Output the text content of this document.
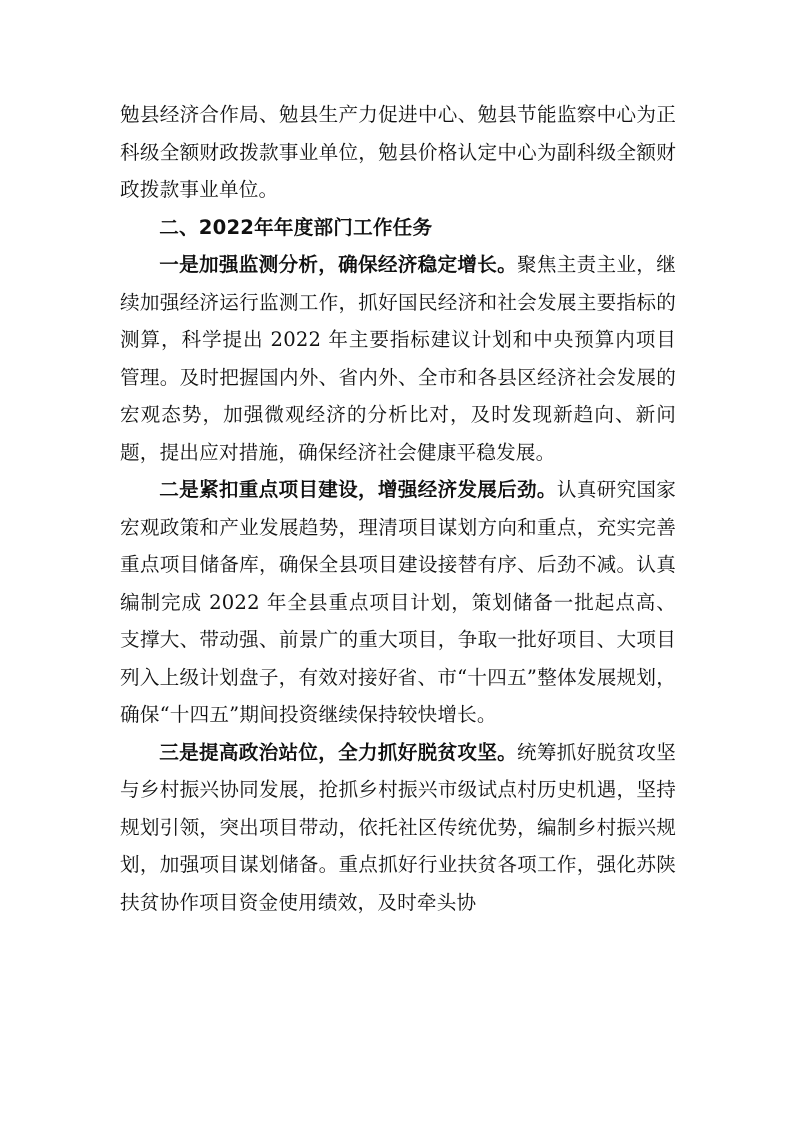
勉县经济合作局、勉县生产力促进中心、勉县节能监察中心为正科级全额财政拨款事业单位，勉县价格认定中心为副科级全额财政拨款事业单位。

二、2022年年度部门工作任务

一是加强监测分析，确保经济稳定增长。聚焦主责主业，继续加强经济运行监测工作，抓好国民经济和社会发展主要指标的测算，科学提出 2022 年主要指标建议计划和中央预算内项目管理。及时把握国内外、省内外、全市和各县区经济社会发展的宏观态势，加强微观经济的分析比对，及时发现新趋向、新问题，提出应对措施，确保经济社会健康平稳发展。

二是紧扣重点项目建设，增强经济发展后劲。认真研究国家宏观政策和产业发展趋势，理清项目谋划方向和重点，充实完善重点项目储备库，确保全县项目建设接替有序、后劲不减。认真编制完成 2022 年全县重点项目计划，策划储备一批起点高、支撑大、带动强、前景广的重大项目，争取一批好项目、大项目列入上级计划盘子，有效对接好省、市“十四五”整体发展规划，确保“十四五”期间投资继续保持较快增长。

三是提高政治站位，全力抓好脱贫攻坚。统筹抓好脱贫攻坚与乡村振兴协同发展，抢抓乡村振兴市级试点村历史机遇，坚持规划引领，突出项目带动，依托社区传统优势，编制乡村振兴规划，加强项目谋划储备。重点抓好行业扶贫各项工作，强化苏陕扶贫协作项目资金使用绩效，及时牵头协
